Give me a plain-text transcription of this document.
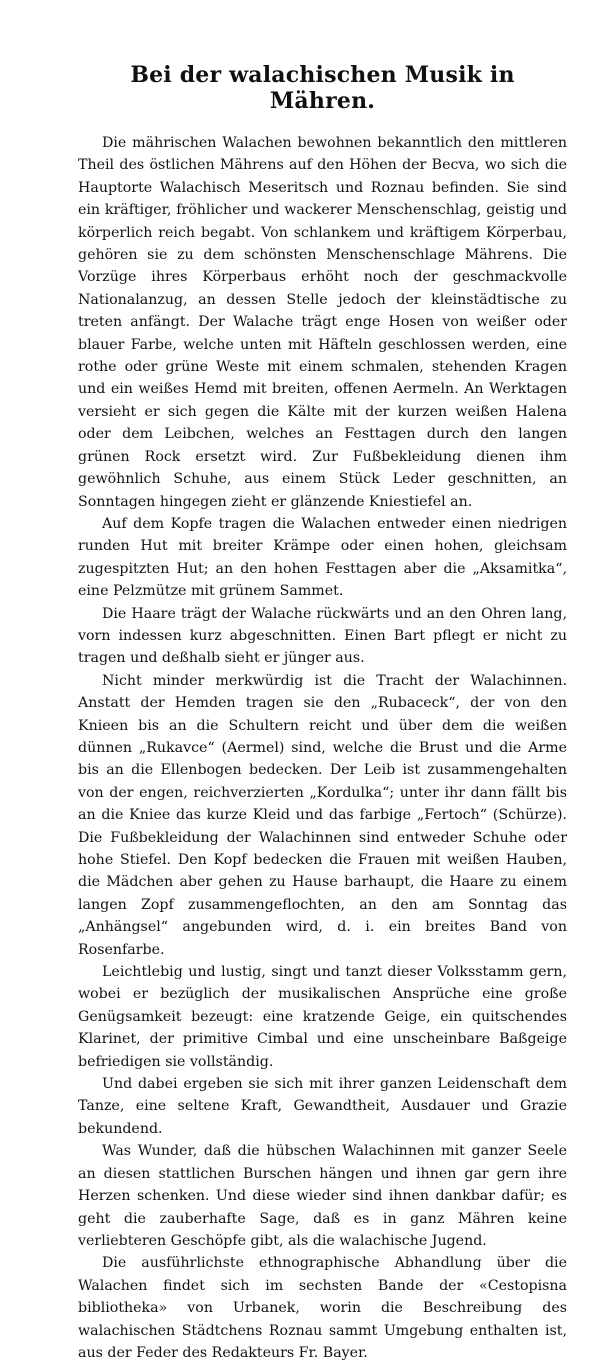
Bei der walachischen Musik in Mähren.

Die mährischen Walachen bewohnen bekanntlich den mittleren Theil des östlichen Mährens auf den Höhen der Becva, wo sich die Hauptorte Walachisch Meseritsch und Roznau befinden. Sie sind ein kräftiger, fröhlicher und wackerer Menschenschlag, geistig und körperlich reich begabt. Von schlankem und kräftigem Körperbau, gehören sie zu dem schönsten Menschenschlage Mährens. Die Vorzüge ihres Körperbaus erhöht noch der geschmackvolle Nationalanzug, an dessen Stelle jedoch der kleinstädtische zu treten anfängt. Der Walache trägt enge Hosen von weißer oder blauer Farbe, welche unten mit Häfteln geschlossen werden, eine rothe oder grüne Weste mit einem schmalen, stehenden Kragen und ein weißes Hemd mit breiten, offenen Aermeln. An Werktagen versieht er sich gegen die Kälte mit der kurzen weißen Halena oder dem Leibchen, welches an Festtagen durch den langen grünen Rock ersetzt wird. Zur Fußbekleidung dienen ihm gewöhnlich Schuhe, aus einem Stück Leder geschnitten, an Sonntagen hingegen zieht er glänzende Kniestiefel an.

Auf dem Kopfe tragen die Walachen entweder einen niedrigen runden Hut mit breiter Krämpe oder einen hohen, gleichsam zugespitzten Hut; an den hohen Festtagen aber die „Aksamitka“, eine Pelzmütze mit grünem Sammet.

Die Haare trägt der Walache rückwärts und an den Ohren lang, vorn indessen kurz abgeschnitten. Einen Bart pflegt er nicht zu tragen und deßhalb sieht er jünger aus.

Nicht minder merkwürdig ist die Tracht der Walachinnen. Anstatt der Hemden tragen sie den „Rubaceck“, der von den Knieen bis an die Schultern reicht und über dem die weißen dünnen „Rukavce“ (Aermel) sind, welche die Brust und die Arme bis an die Ellenbogen bedecken. Der Leib ist zusammengehalten von der engen, reichverzierten „Kordulka“; unter ihr dann fällt bis an die Kniee das kurze Kleid und das farbige „Fertoch“ (Schürze). Die Fußbekleidung der Walachinnen sind entweder Schuhe oder hohe Stiefel. Den Kopf bedecken die Frauen mit weißen Hauben, die Mädchen aber gehen zu Hause barhaupt, die Haare zu einem langen Zopf zusammengeflochten, an den am Sonntag das „Anhängsel“ angebunden wird, d. i. ein breites Band von Rosenfarbe.

Leichtlebig und lustig, singt und tanzt dieser Volksstamm gern, wobei er bezüglich der musikalischen Ansprüche eine große Genügsamkeit bezeugt: eine kratzende Geige, ein quitschendes Klarinet, der primitive Cimbal und eine unscheinbare Baßgeige befriedigen sie vollständig.

Und dabei ergeben sie sich mit ihrer ganzen Leidenschaft dem Tanze, eine seltene Kraft, Gewandtheit, Ausdauer und Grazie bekundend.

Was Wunder, daß die hübschen Walachinnen mit ganzer Seele an diesen stattlichen Burschen hängen und ihnen gar gern ihre Herzen schenken. Und diese wieder sind ihnen dankbar dafür; es geht die zauberhafte Sage, daß es in ganz Mähren keine verliebteren Geschöpfe gibt, als die walachische Jugend.

Die ausführlichste ethnographische Abhandlung über die Walachen findet sich im sechsten Bande der «Cestopisna bibliotheka» von Urbanek, worin die Beschreibung des walachischen Städtchens Roznau sammt Umgebung enthalten ist, aus der Feder des Redakteurs Fr. Bayer.
